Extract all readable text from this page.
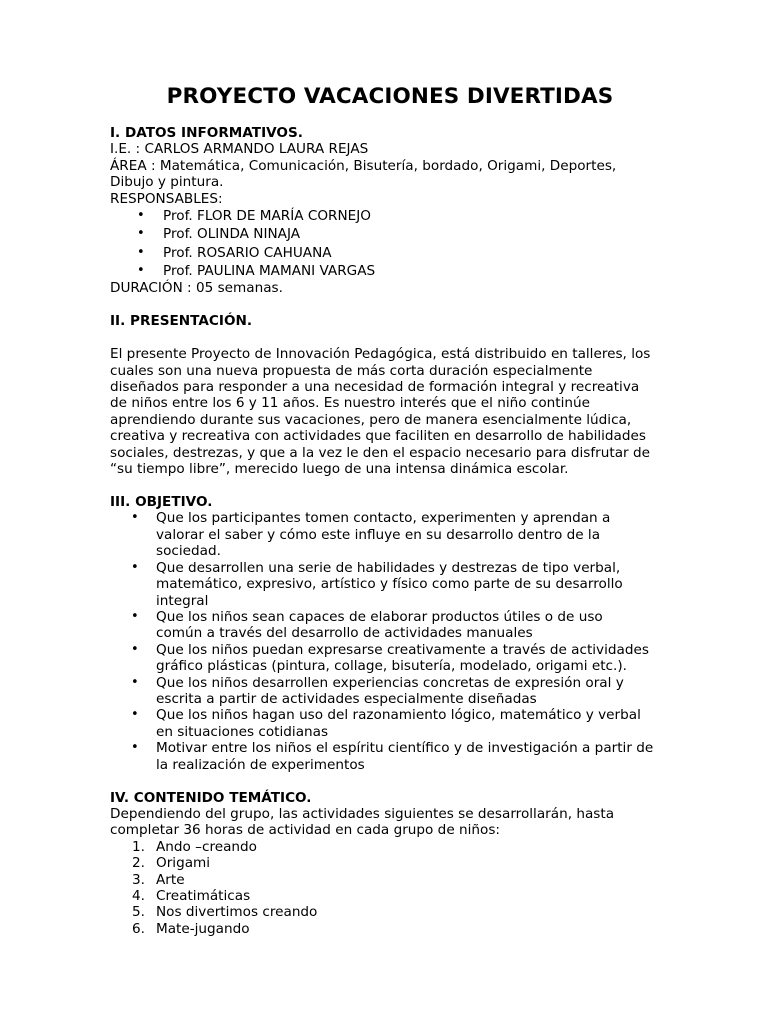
PROYECTO VACACIONES DIVERTIDAS
I. DATOS INFORMATIVOS.
I.E. : CARLOS ARMANDO LAURA REJAS
ÁREA : Matemática, Comunicación, Bisutería, bordado, Origami, Deportes,
Dibujo y pintura.
RESPONSABLES:
• Prof. FLOR DE MARÍA CORNEJO
• Prof. OLINDA NINAJA
• Prof. ROSARIO CAHUANA
• Prof. PAULINA MAMANI VARGAS
DURACIÓN : 05 semanas.
II. PRESENTACIÓN.
El presente Proyecto de Innovación Pedagógica, está distribuido en talleres, los
cuales son una nueva propuesta de más corta duración especialmente
diseñados para responder a una necesidad de formación integral y recreativa
de niños entre los 6 y 11 años. Es nuestro interés que el niño continúe
aprendiendo durante sus vacaciones, pero de manera esencialmente lúdica,
creativa y recreativa con actividades que faciliten en desarrollo de habilidades
sociales, destrezas, y que a la vez le den el espacio necesario para disfrutar de
“su tiempo libre”, merecido luego de una intensa dinámica escolar.
III. OBJETIVO.
• Que los participantes tomen contacto, experimenten y aprendan a
valorar el saber y cómo este influye en su desarrollo dentro de la
sociedad.
• Que desarrollen una serie de habilidades y destrezas de tipo verbal,
matemático, expresivo, artístico y físico como parte de su desarrollo
integral
• Que los niños sean capaces de elaborar productos útiles o de uso
común a través del desarrollo de actividades manuales
• Que los niños puedan expresarse creativamente a través de actividades
gráfico plásticas (pintura, collage, bisutería, modelado, origami etc.).
• Que los niños desarrollen experiencias concretas de expresión oral y
escrita a partir de actividades especialmente diseñadas
• Que los niños hagan uso del razonamiento lógico, matemático y verbal
en situaciones cotidianas
• Motivar entre los niños el espíritu científico y de investigación a partir de
la realización de experimentos
IV. CONTENIDO TEMÁTICO.
Dependiendo del grupo, las actividades siguientes se desarrollarán, hasta
completar 36 horas de actividad en cada grupo de niños:
1. Ando –creando
2. Origami
3. Arte
4. Creatimáticas
5. Nos divertimos creando
6. Mate-jugando
